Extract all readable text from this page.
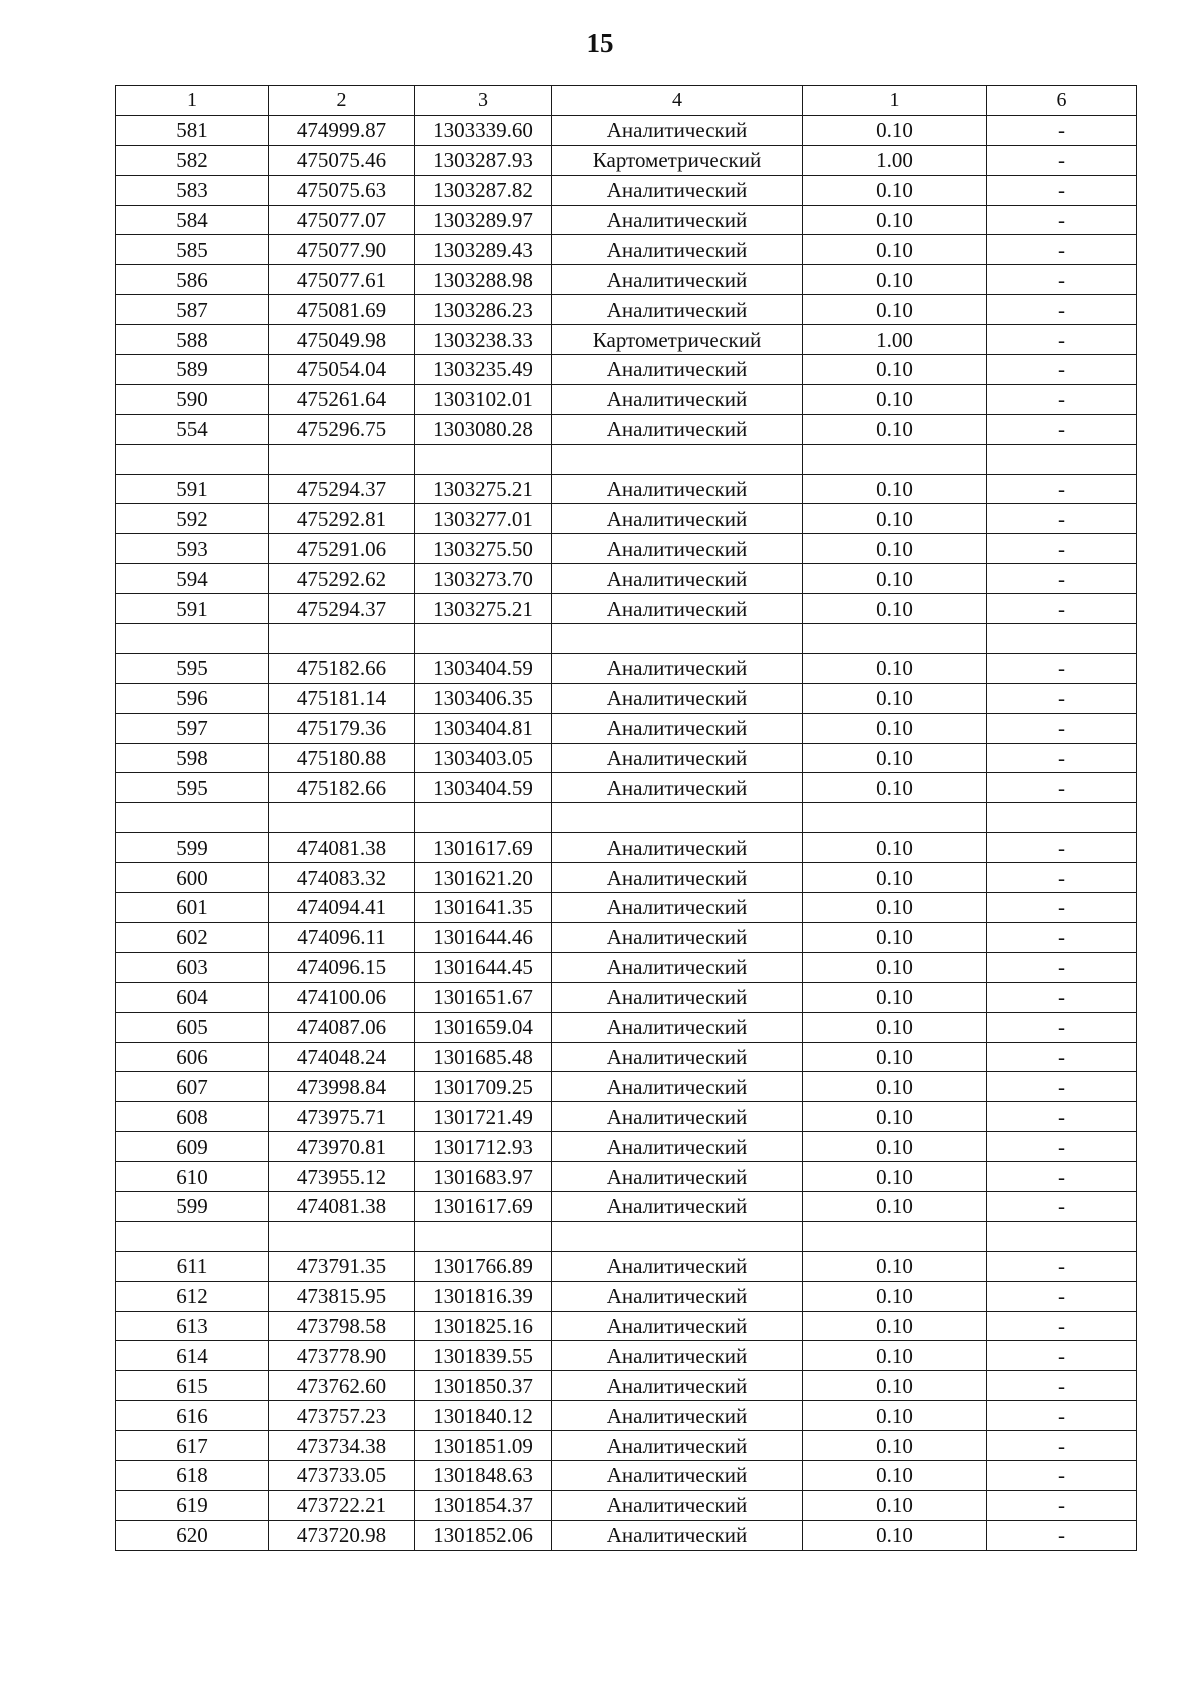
15
1	2	3	4	1	6
581	474999.87	1303339.60	Аналитический	0.10	-
582	475075.46	1303287.93	Картометрический	1.00	-
583	475075.63	1303287.82	Аналитический	0.10	-
584	475077.07	1303289.97	Аналитический	0.10	-
585	475077.90	1303289.43	Аналитический	0.10	-
586	475077.61	1303288.98	Аналитический	0.10	-
587	475081.69	1303286.23	Аналитический	0.10	-
588	475049.98	1303238.33	Картометрический	1.00	-
589	475054.04	1303235.49	Аналитический	0.10	-
590	475261.64	1303102.01	Аналитический	0.10	-
554	475296.75	1303080.28	Аналитический	0.10	-

591	475294.37	1303275.21	Аналитический	0.10	-
592	475292.81	1303277.01	Аналитический	0.10	-
593	475291.06	1303275.50	Аналитический	0.10	-
594	475292.62	1303273.70	Аналитический	0.10	-
591	475294.37	1303275.21	Аналитический	0.10	-

595	475182.66	1303404.59	Аналитический	0.10	-
596	475181.14	1303406.35	Аналитический	0.10	-
597	475179.36	1303404.81	Аналитический	0.10	-
598	475180.88	1303403.05	Аналитический	0.10	-
595	475182.66	1303404.59	Аналитический	0.10	-

599	474081.38	1301617.69	Аналитический	0.10	-
600	474083.32	1301621.20	Аналитический	0.10	-
601	474094.41	1301641.35	Аналитический	0.10	-
602	474096.11	1301644.46	Аналитический	0.10	-
603	474096.15	1301644.45	Аналитический	0.10	-
604	474100.06	1301651.67	Аналитический	0.10	-
605	474087.06	1301659.04	Аналитический	0.10	-
606	474048.24	1301685.48	Аналитический	0.10	-
607	473998.84	1301709.25	Аналитический	0.10	-
608	473975.71	1301721.49	Аналитический	0.10	-
609	473970.81	1301712.93	Аналитический	0.10	-
610	473955.12	1301683.97	Аналитический	0.10	-
599	474081.38	1301617.69	Аналитический	0.10	-

611	473791.35	1301766.89	Аналитический	0.10	-
612	473815.95	1301816.39	Аналитический	0.10	-
613	473798.58	1301825.16	Аналитический	0.10	-
614	473778.90	1301839.55	Аналитический	0.10	-
615	473762.60	1301850.37	Аналитический	0.10	-
616	473757.23	1301840.12	Аналитический	0.10	-
617	473734.38	1301851.09	Аналитический	0.10	-
618	473733.05	1301848.63	Аналитический	0.10	-
619	473722.21	1301854.37	Аналитический	0.10	-
620	473720.98	1301852.06	Аналитический	0.10	-
